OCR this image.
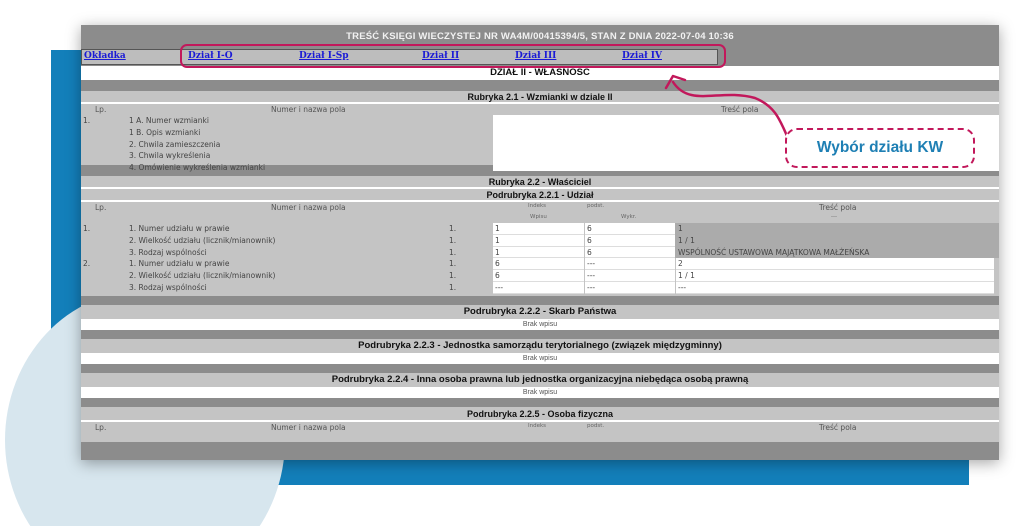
TREŚĆ KSIĘGI WIECZYSTEJ NR WA4M/00415394/5, STAN Z DNIA 2022-07-04 10:36
Okładka	Dział I-O	Dział I-Sp	Dział II	Dział III	Dział IV
DZIAŁ II - WŁASNOŚĆ
Rubryka 2.1 - Wzmianki w dziale II
Lp.	Numer i nazwa pola	Treść pola
1.	1 A. Numer wzmianki
1 B. Opis wzmianki
2. Chwila zamieszczenia
3. Chwila wykreślenia
4. Omówienie wykreślenia wzmianki
Rubryka 2.2 - Właściciel
Podrubryka 2.2.1 - Udział
Lp.	Numer i nazwa pola	Indeks	podst.	Treść pola
Wpisu	Wykr.	---
1.	1. Numer udziału w prawie	1.	1	6	1
2. Wielkość udziału (licznik/mianownik)	1.	1	6	1 / 1
3. Rodzaj wspólności	1.	1	6	WSPÓLNOŚĆ USTAWOWA MAJĄTKOWA MAŁŻEŃSKA
2.	1. Numer udziału w prawie	1.	6	---	2
2. Wielkość udziału (licznik/mianownik)	1.	6	---	1 / 1
3. Rodzaj wspólności	1.	---	---	---
Podrubryka 2.2.2 - Skarb Państwa
Brak wpisu
Podrubryka 2.2.3 - Jednostka samorządu terytorialnego (związek międzygminny)
Brak wpisu
Podrubryka 2.2.4 - Inna osoba prawna lub jednostka organizacyjna niebędąca osobą prawną
Brak wpisu
Podrubryka 2.2.5 - Osoba fizyczna
Lp.	Numer i nazwa pola	Indeks	podst.	Treść pola
Wybór działu KW
